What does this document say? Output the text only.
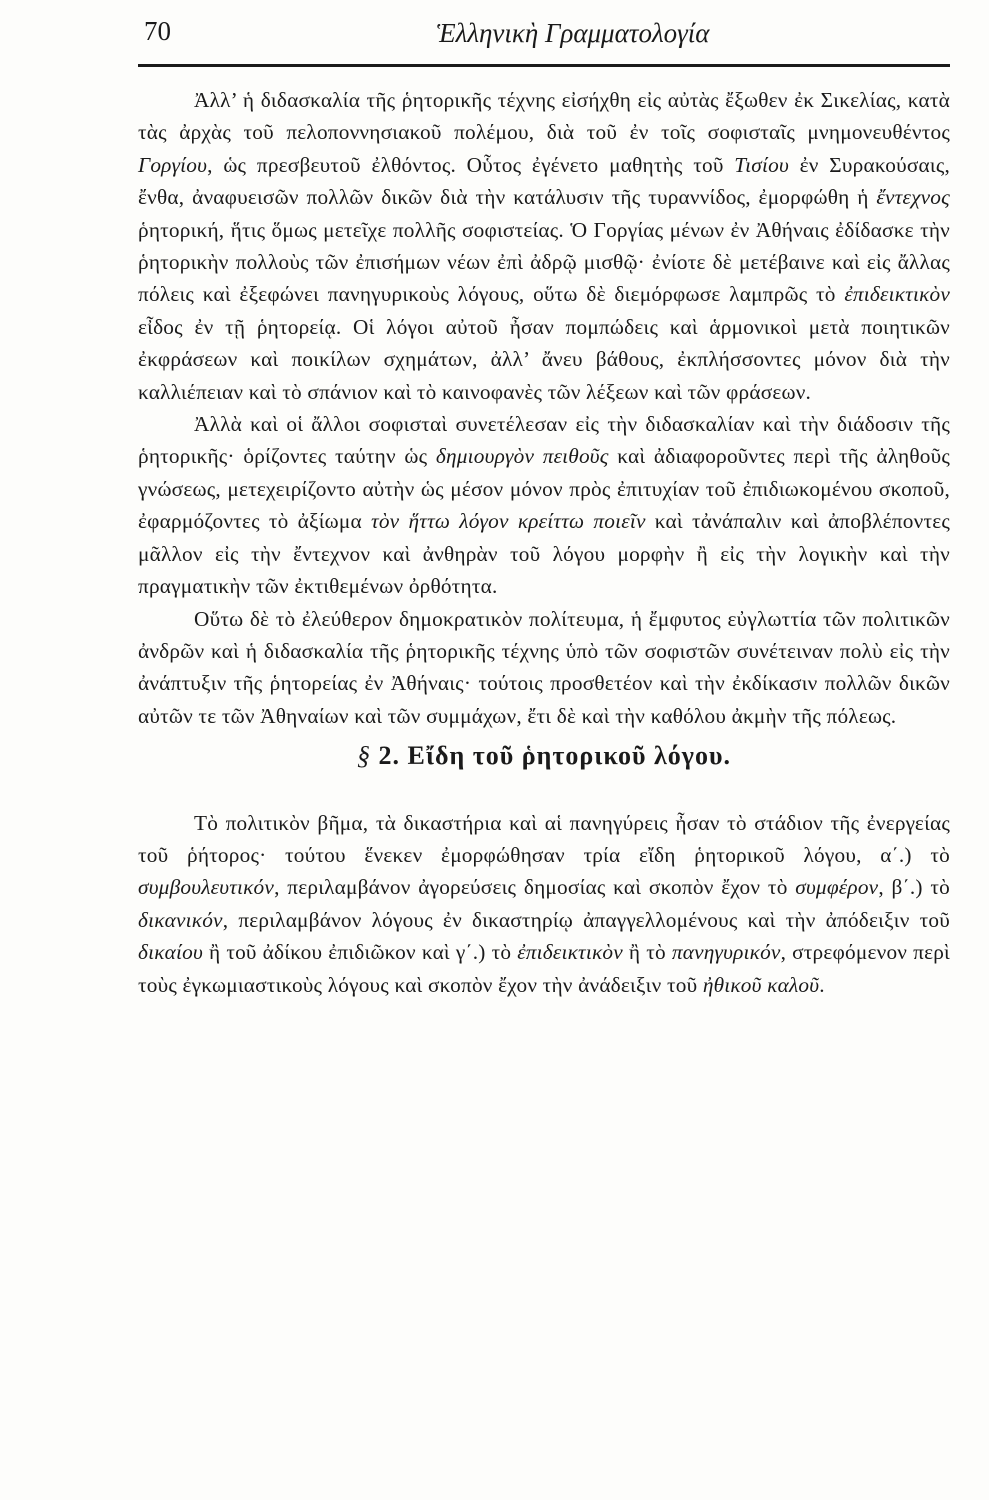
70	Ἑλληνικὴ Γραμματολογία

Ἀλλ’ ἡ διδασκαλία τῆς ῥητορικῆς τέχνης εἰσήχθη εἰς αὐτὰς ἔξωθεν ἐκ Σικελίας, κατὰ τὰς ἀρχὰς τοῦ πελοποννησιακοῦ πολέμου, διὰ τοῦ ἐν τοῖς σοφισταῖς μνημονευθέντος Γοργίου, ὡς πρεσβευτοῦ ἐλθόντος. Οὗτος ἐγένετο μαθητὴς τοῦ Τισίου ἐν Συρακούσαις, ἔνθα, ἀναφυεισῶν πολλῶν δικῶν διὰ τὴν κατάλυσιν τῆς τυραννίδος, ἐμορφώθη ἡ ἔντεχνος ῥητορική, ἥτις ὅμως μετεῖχε πολλῆς σοφιστείας. Ὁ Γοργίας μένων ἐν Ἀθήναις ἐδίδασκε τὴν ῥητορικὴν πολλοὺς τῶν ἐπισήμων νέων ἐπὶ ἀδρῷ μισθῷ· ἐνίοτε δὲ μετέβαινε καὶ εἰς ἄλλας πόλεις καὶ ἐξεφώνει πανηγυρικοὺς λόγους, οὕτω δὲ διεμόρφωσε λαμπρῶς τὸ ἐπιδεικτικὸν εἶδος ἐν τῇ ῥητορείᾳ. Οἱ λόγοι αὐτοῦ ἦσαν πομπώδεις καὶ ἁρμονικοὶ μετὰ ποιητικῶν ἐκφράσεων καὶ ποικίλων σχημάτων, ἀλλ’ ἄνευ βάθους, ἐκπλήσσοντες μόνον διὰ τὴν καλλιέπειαν καὶ τὸ σπάνιον καὶ τὸ καινοφανὲς τῶν λέξεων καὶ τῶν φράσεων.

Ἀλλὰ καὶ οἱ ἄλλοι σοφισταὶ συνετέλεσαν εἰς τὴν διδασκαλίαν καὶ τὴν διάδοσιν τῆς ῥητορικῆς· ὁρίζοντες ταύτην ὡς δημιουργὸν πειθοῦς καὶ ἀδιαφοροῦντες περὶ τῆς ἀληθοῦς γνώσεως, μετεχειρίζοντο αὐτὴν ὡς μέσον μόνον πρὸς ἐπιτυχίαν τοῦ ἐπιδιωκομένου σκοποῦ, ἐφαρμόζοντες τὸ ἀξίωμα τὸν ἥττω λόγον κρείττω ποιεῖν καὶ τἀνάπαλιν καὶ ἀποβλέποντες μᾶλλον εἰς τὴν ἔντεχνον καὶ ἀνθηρὰν τοῦ λόγου μορφὴν ἢ εἰς τὴν λογικὴν καὶ τὴν πραγματικὴν τῶν ἐκτιθεμένων ὀρθότητα.

Οὕτω δὲ τὸ ἐλεύθερον δημοκρατικὸν πολίτευμα, ἡ ἔμφυτος εὐγλωττία τῶν πολιτικῶν ἀνδρῶν καὶ ἡ διδασκαλία τῆς ῥητορικῆς τέχνης ὑπὸ τῶν σοφιστῶν συνέτειναν πολὺ εἰς τὴν ἀνάπτυξιν τῆς ῥητορείας ἐν Ἀθήναις· τούτοις προσθετέον καὶ τὴν ἐκδίκασιν πολλῶν δικῶν αὐτῶν τε τῶν Ἀθηναίων καὶ τῶν συμμάχων, ἔτι δὲ καὶ τὴν καθόλου ἀκμὴν τῆς πόλεως.

§ 2. Εἴδη τοῦ ῥητορικοῦ λόγου.

Τὸ πολιτικὸν βῆμα, τὰ δικαστήρια καὶ αἱ πανηγύρεις ἦσαν τὸ στάδιον τῆς ἐνεργείας τοῦ ῥήτορος· τούτου ἕνεκεν ἐμορφώθησαν τρία εἴδη ῥητορικοῦ λόγου, α΄.) τὸ συμβουλευτικόν, περιλαμβάνον ἀγορεύσεις δημοσίας καὶ σκοπὸν ἔχον τὸ συμφέρον, β΄.) τὸ δικανικόν, περιλαμβάνον λόγους ἐν δικαστηρίῳ ἀπαγγελλομένους καὶ τὴν ἀπόδειξιν τοῦ δικαίου ἢ τοῦ ἀδίκου ἐπιδιῶκον καὶ γ΄.) τὸ ἐπιδεικτικὸν ἢ τὸ πανηγυρικόν, στρεφόμενον περὶ τοὺς ἐγκωμιαστικοὺς λόγους καὶ σκοπὸν ἔχον τὴν ἀνάδειξιν τοῦ ἠθικοῦ καλοῦ.
